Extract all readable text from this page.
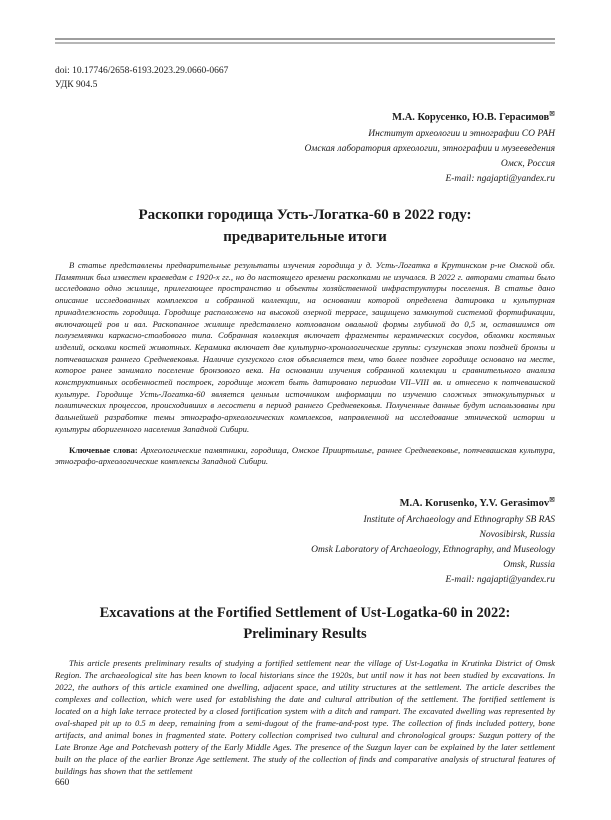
doi: 10.17746/2658-6193.2023.29.0660-0667
УДК 904.5
М.А. Корусенко, Ю.В. Герасимов⊠
Институт археологии и этнографии СО РАН
Омская лаборатория археологии, этнографии и музееведения
Омск, Россия
E-mail: ngajapti@yandex.ru
Раскопки городища Усть-Логатка-60 в 2022 году:
предварительные итоги

В статье представлены предварительные результаты изучения городища у д. Усть-Логатка в Крутинском р-не Омской обл. Памятник был известен краеведам с 1920-х гг., но до настоящего времени раскопками не изучался. В 2022 г. авторами статьи было исследовано одно жилище, прилегающее пространство и объекты хозяйственной инфраструктуры поселения. В статье дано описание исследованных комплексов и собранной коллекции, на основании которой определена датировка и культурная принадлежность городища. Городище расположено на высокой озерной террасе, защищено замкнутой системой фортификации, включающей ров и вал. Раскопанное жилище представлено котлованом овальной формы глубиной до 0,5 м, оставшимся от полуземлянки каркасно-столбового типа. Собранная коллекция включает фрагменты керамических сосудов, обломки костяных изделий, осколки костей животных. Керамика включает две культурно-хронологические группы: сузгунская эпохи поздней бронзы и потчевашская раннего Средневековья. Наличие сузгуского слоя объясняется тем, что более позднее городище основано на месте, которое ранее занимало поселение бронзового века. На основании изучения собранной коллекции и сравнительного анализа конструктивных особенностей построек, городище может быть датировано периодом VII–VIII вв. и отнесено к потчевашской культуре. Городище Усть-Логатка-60 является ценным источником информации по изучению сложных этнокультурных и политических процессов, происходивших в лесостепи в период раннего Средневековья. Полученные данные будут использованы при дальнейшей разработке темы этнографо-археологических комплексов, направленной на исследование этнической истории и культуры аборигенного населения Западной Сибири.

Ключевые слова: Археологические памятники, городища, Омское Прииртышье, раннее Средневековье, потчевашская культура, этнографо-археологические комплексы Западной Сибири.

M.A. Korusenko, Y.V. Gerasimov⊠
Institute of Archaeology and Ethnography SB RAS
Novosibirsk, Russia
Omsk Laboratory of Archaeology, Ethnography, and Museology
Omsk, Russia
E-mail: ngajapti@yandex.ru
Excavations at the Fortified Settlement of Ust-Logatka-60 in 2022:
Preliminary Results

This article presents preliminary results of studying a fortified settlement near the village of Ust-Logatka in Krutinka District of Omsk Region. The archaeological site has been known to local historians since the 1920s, but until now it has not been studied by excavations. In 2022, the authors of this article examined one dwelling, adjacent space, and utility structures at the settlement. The article describes the complexes and collection, which were used for establishing the date and cultural attribution of the settlement. The fortified settlement is located on a high lake terrace protected by a closed fortification system with a ditch and rampart. The excavated dwelling was represented by oval-shaped pit up to 0.5 m deep, remaining from a semi-dugout of the frame-and-post type. The collection of finds included pottery, bone artifacts, and animal bones in fragmented state. Pottery collection comprised two cultural and chronological groups: Suzgun pottery of the Late Bronze Age and Potchevash pottery of the Early Middle Ages. The presence of the Suzgun layer can be explained by the later settlement built on the place of the earlier Bronze Age settlement. The study of the collection of finds and comparative analysis of structural features of buildings has shown that the settlement

660
